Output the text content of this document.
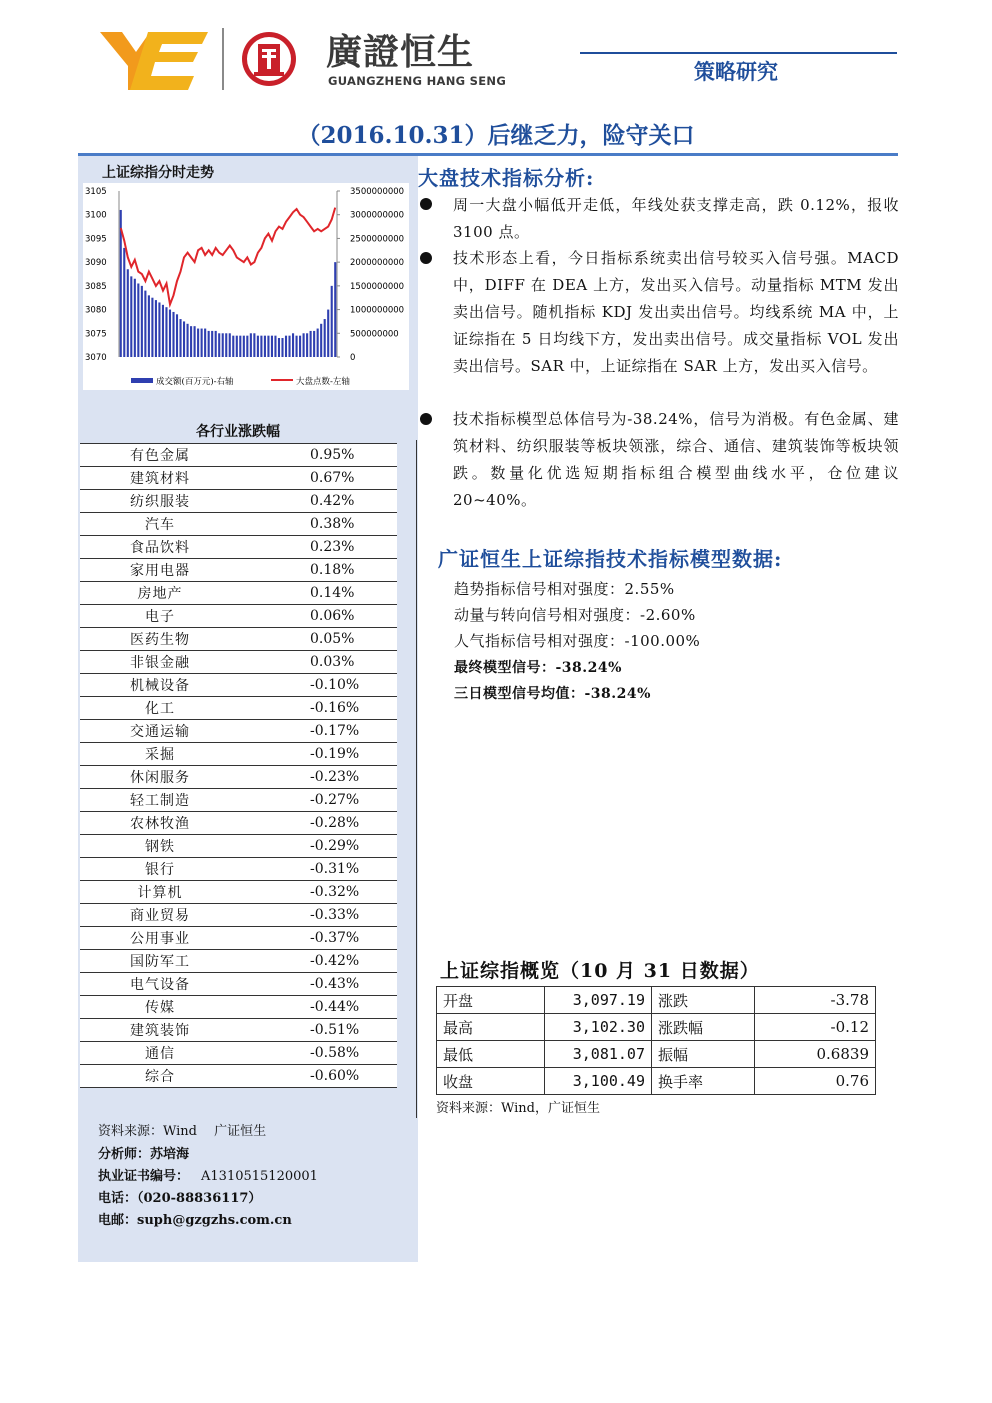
廣證恒生
GUANGZHENG HANG SENG	策略研究
（2016.10.31）后继乏力，险守关口
上证综指分时走势
3105
3100
3095
3090
3085
3080
3075
3070
3500000000
3000000000
2500000000
2000000000
1500000000
1000000000
500000000
0
成交额(百万元)-右轴	大盘点数-左轴
各行业涨跌幅
有色金属	0.95%
建筑材料	0.67%
纺织服装	0.42%
汽车	0.38%
食品饮料	0.23%
家用电器	0.18%
房地产	0.14%
电子	0.06%
医药生物	0.05%
非银金融	0.03%
机械设备	-0.10%
化工	-0.16%
交通运输	-0.17%
采掘	-0.19%
休闲服务	-0.23%
轻工制造	-0.27%
农林牧渔	-0.28%
钢铁	-0.29%
银行	-0.31%
计算机	-0.32%
商业贸易	-0.33%
公用事业	-0.37%
国防军工	-0.42%
电气设备	-0.43%
传媒	-0.44%
建筑装饰	-0.51%
通信	-0.58%
综合	-0.60%
资料来源：Wind　 广证恒生
分析师：苏培海
执业证书编号： A1310515120001
电话：（020-88836117）
电邮：suph@gzgzhs.com.cn
大盘技术指标分析:
周一大盘小幅低开走低，年线处获支撑走高，跌 0.12%，报收 3100 点。
技术形态上看，今日指标系统卖出信号较买入信号强。MACD 中，DIFF 在 DEA 上方，发出买入信号。动量指标 MTM 发出卖出信号。随机指标 KDJ 发出卖出信号。均线系统 MA 中，上证综指在 5 日均线下方，发出卖出信号。成交量指标 VOL 发出卖出信号。SAR 中，上证综指在 SAR 上方，发出买入信号。
技术指标模型总体信号为-38.24%，信号为消极。有色金属、建筑材料、纺织服装等板块领涨，综合、通信、建筑装饰等板块领跌。数量化优选短期指标组合模型曲线水平，仓位建议 20~40%。
广证恒生上证综指技术指标模型数据:
趋势指标信号相对强度：2.55%
动量与转向信号相对强度：-2.60%
人气指标信号相对强度：-100.00%
最终模型信号：-38.24%
三日模型信号均值：-38.24%
上证综指概览（10 月 31 日数据）
开盘	3,097.19	涨跌	-3.78
最高	3,102.30	涨跌幅	-0.12
最低	3,081.07	振幅	0.6839
收盘	3,100.49	换手率	0.76
资料来源：Wind，广证恒生
